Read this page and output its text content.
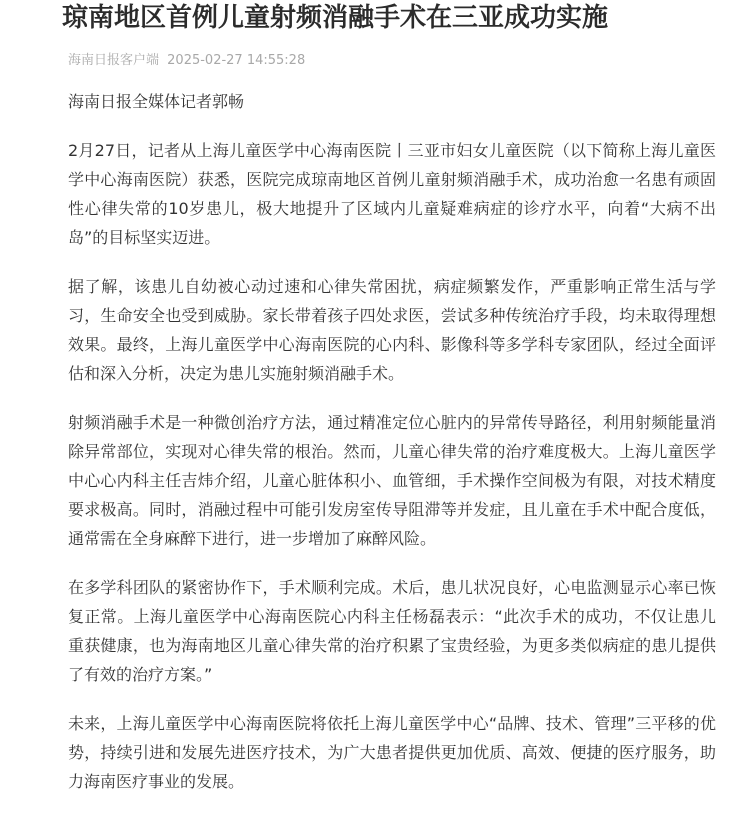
琼南地区首例儿童射频消融手术在三亚成功实施
海南日报客户端 2025-02-27 14:55:28

海南日报全媒体记者郭畅

2月27日，记者从上海儿童医学中心海南医院丨三亚市妇女儿童医院（以下简称上海儿童医学中心海南医院）获悉，医院完成琼南地区首例儿童射频消融手术，成功治愈一名患有顽固性心律失常的10岁患儿，极大地提升了区域内儿童疑难病症的诊疗水平，向着“大病不出岛”的目标坚实迈进。

据了解，该患儿自幼被心动过速和心律失常困扰，病症频繁发作，严重影响正常生活与学习，生命安全也受到威胁。家长带着孩子四处求医，尝试多种传统治疗手段，均未取得理想效果。最终，上海儿童医学中心海南医院的心内科、影像科等多学科专家团队，经过全面评估和深入分析，决定为患儿实施射频消融手术。

射频消融手术是一种微创治疗方法，通过精准定位心脏内的异常传导路径，利用射频能量消除异常部位，实现对心律失常的根治。然而，儿童心律失常的治疗难度极大。上海儿童医学中心心内科主任吉炜介绍，儿童心脏体积小、血管细，手术操作空间极为有限，对技术精度要求极高。同时，消融过程中可能引发房室传导阻滞等并发症，且儿童在手术中配合度低，通常需在全身麻醉下进行，进一步增加了麻醉风险。

在多学科团队的紧密协作下，手术顺利完成。术后，患儿状况良好，心电监测显示心率已恢复正常。上海儿童医学中心海南医院心内科主任杨磊表示：“此次手术的成功，不仅让患儿重获健康，也为海南地区儿童心律失常的治疗积累了宝贵经验，为更多类似病症的患儿提供了有效的治疗方案。”

未来，上海儿童医学中心海南医院将依托上海儿童医学中心“品牌、技术、管理”三平移的优势，持续引进和发展先进医疗技术，为广大患者提供更加优质、高效、便捷的医疗服务，助力海南医疗事业的发展。
